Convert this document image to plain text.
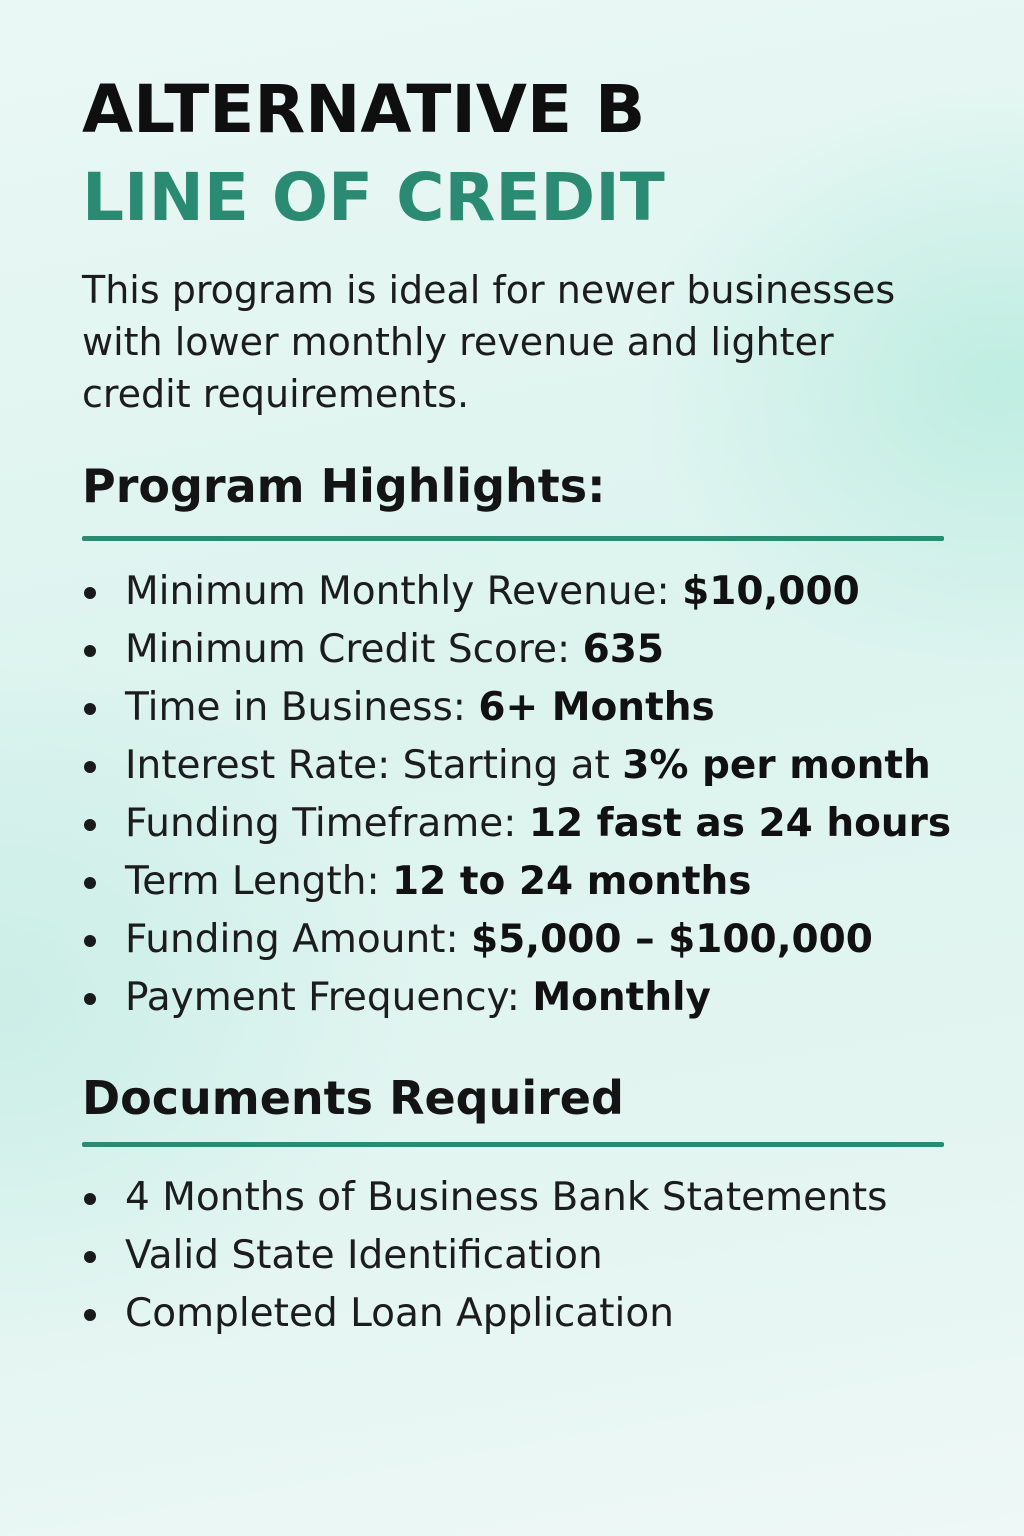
ALTERNATIVE B
LINE OF CREDIT

This program is ideal for newer businesses with lower monthly revenue and lighter credit requirements.

Program Highlights:
Minimum Monthly Revenue: $10,000
Minimum Credit Score: 635
Time in Business: 6+ Months
Interest Rate: Starting at 3% per month
Funding Timeframe: 12 fast as 24 hours
Term Length: 12 to 24 months
Funding Amount: $5,000 – $100,000
Payment Frequency: Monthly
Documents Required
4 Months of Business Bank Statements
Valid State Identification
Completed Loan Application
